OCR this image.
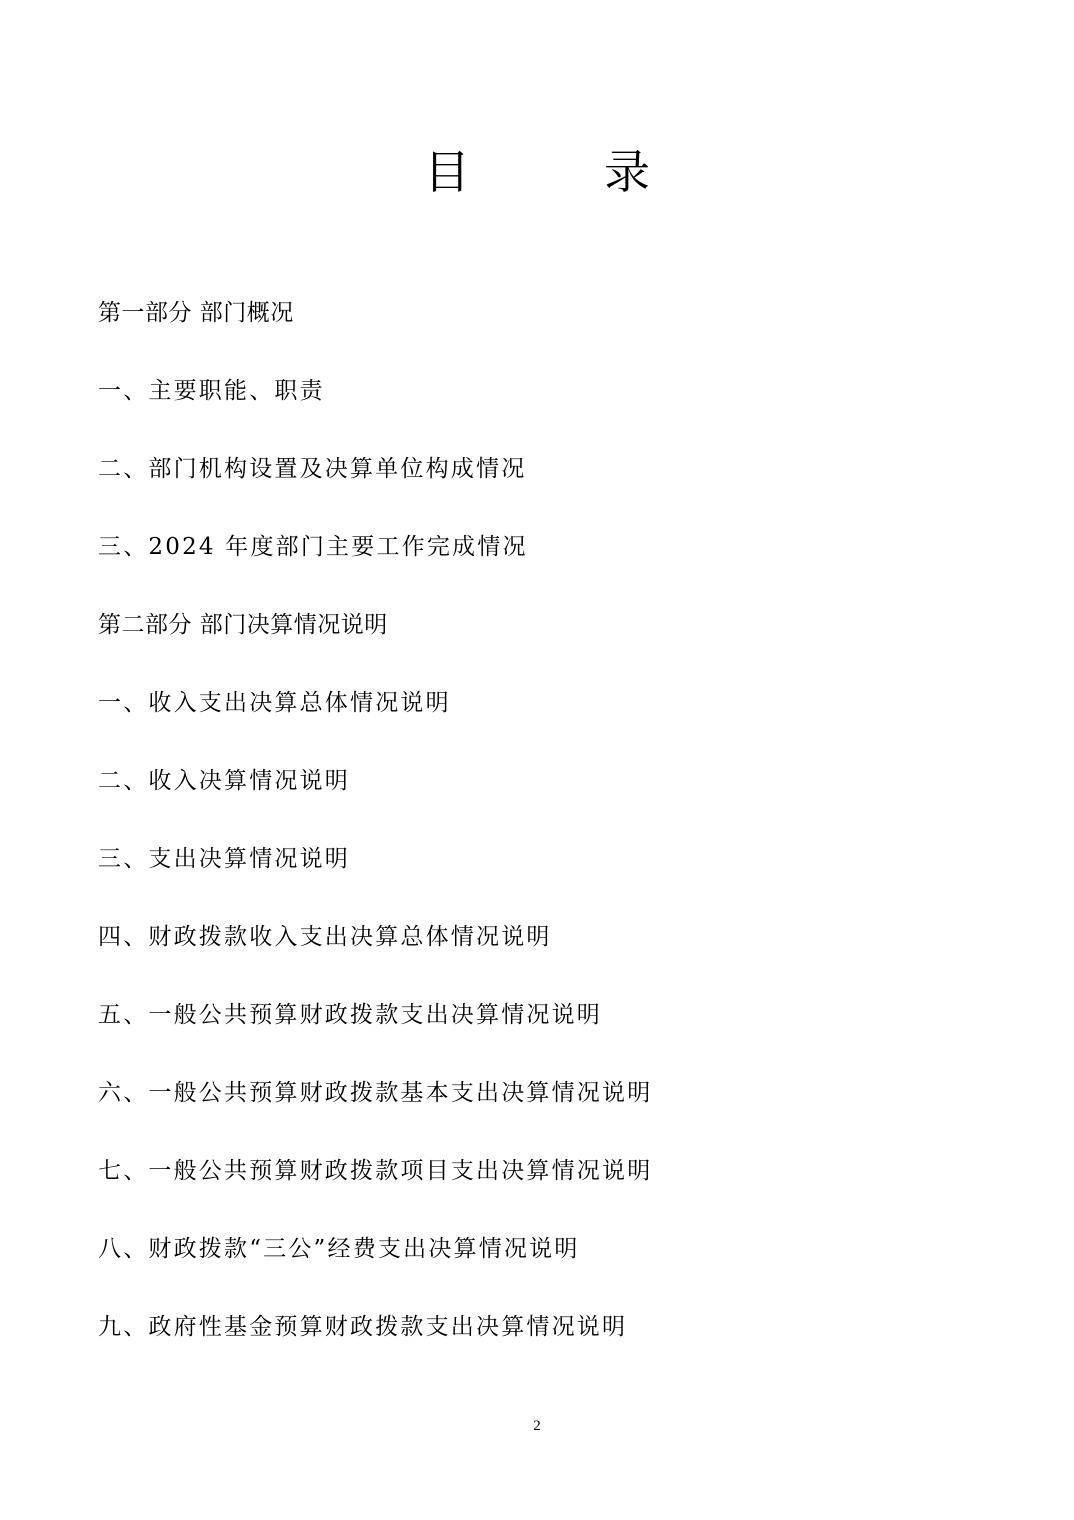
目　录
第一部分 部门概况
一、主要职能、职责
二、部门机构设置及决算单位构成情况
三、2024 年度部门主要工作完成情况
第二部分 部门决算情况说明
一、收入支出决算总体情况说明
二、收入决算情况说明
三、支出决算情况说明
四、财政拨款收入支出决算总体情况说明
五、一般公共预算财政拨款支出决算情况说明
六、一般公共预算财政拨款基本支出决算情况说明
七、一般公共预算财政拨款项目支出决算情况说明
八、财政拨款“三公”经费支出决算情况说明
九、政府性基金预算财政拨款支出决算情况说明
2
